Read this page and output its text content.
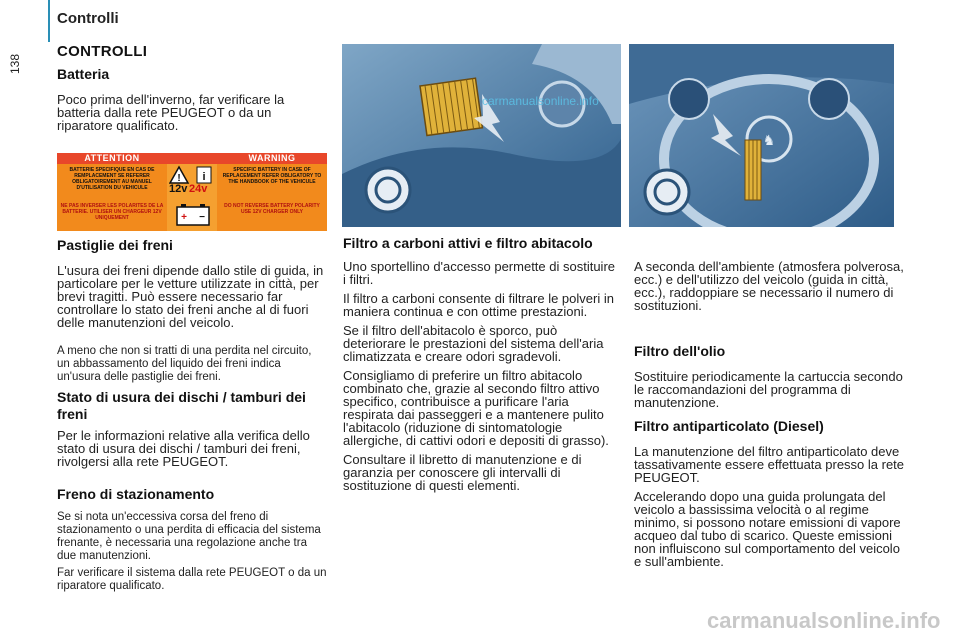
Controlli
138
CONTROLLI
Batteria
Poco prima dell'inverno, far verificare la batteria dalla rete PEUGEOT o da un riparatore qualificato.
ATTENTION	WARNING
BATTERIE SPECIFIQUE EN CAS DE REMPLACEMENT SE REFERER OBLIGATOIREMENT AU MANUEL D'UTILISATION DU VEHICULE
NE PAS INVERSER LES POLARITES DE LA BATTERIE. UTILISER UN CHARGEUR 12V UNIQUEMENT
SPECIFIC BATTERY IN CASE OF REPLACEMENT REFER OBLIGATORY TO THE HANDBOOK OF THE VEHICULE
DO NOT REVERSE BATTERY POLARITY USE 12V CHARGER ONLY
! i
12v 24v
+ −
Pastiglie dei freni
L'usura dei freni dipende dallo stile di guida, in particolare per le vetture utilizzate in città, per brevi tragitti. Può essere necessario far controllare lo stato dei freni anche al di fuori delle manutenzioni del veicolo.
A meno che non si tratti di una perdita nel circuito, un abbassamento del liquido dei freni indica un'usura delle pastiglie dei freni.
Stato di usura dei dischi / tamburi dei freni
Per le informazioni relative alla verifica dello stato di usura dei dischi / tamburi dei freni, rivolgersi alla rete PEUGEOT.
Freno di stazionamento
Se si nota un'eccessiva corsa del freno di stazionamento o una perdita di efficacia del sistema frenante, è necessaria una regolazione anche tra due manutenzioni.
Far verificare il sistema dalla rete PEUGEOT o da un riparatore qualificato.
carmanualsonline.info
♞
Filtro a carboni attivi e filtro abitacolo
Uno sportellino d'accesso permette di sostituire i filtri.
Il filtro a carboni consente di filtrare le polveri in maniera continua e con ottime prestazioni.
Se il filtro dell'abitacolo è sporco, può deteriorare le prestazioni del sistema dell'aria climatizzata e creare odori sgradevoli.
Consigliamo di preferire un filtro abitacolo combinato che, grazie al secondo filtro attivo specifico, contribuisce a purificare l'aria respirata dai passeggeri e a mantenere pulito l'abitacolo (riduzione di sintomatologie allergiche, di cattivi odori e depositi di grasso).
Consultare il libretto di manutenzione e di garanzia per conoscere gli intervalli di sostituzione di questi elementi.
A seconda dell'ambiente (atmosfera polverosa, ecc.) e dell'utilizzo del veicolo (guida in città, ecc.), raddoppiare se necessario il numero di sostituzioni.
Filtro dell'olio
Sostituire periodicamente la cartuccia secondo le raccomandazioni del programma di manutenzione.
Filtro antiparticolato (Diesel)
La manutenzione del filtro antiparticolato deve tassativamente essere effettuata presso la rete PEUGEOT.
Accelerando dopo una guida prolungata del veicolo a bassissima velocità o al regime minimo, si possono notare emissioni di vapore acqueo dal tubo di scarico. Queste emissioni non influiscono sul comportamento del veicolo e sull'ambiente.
carmanualsonline.info
